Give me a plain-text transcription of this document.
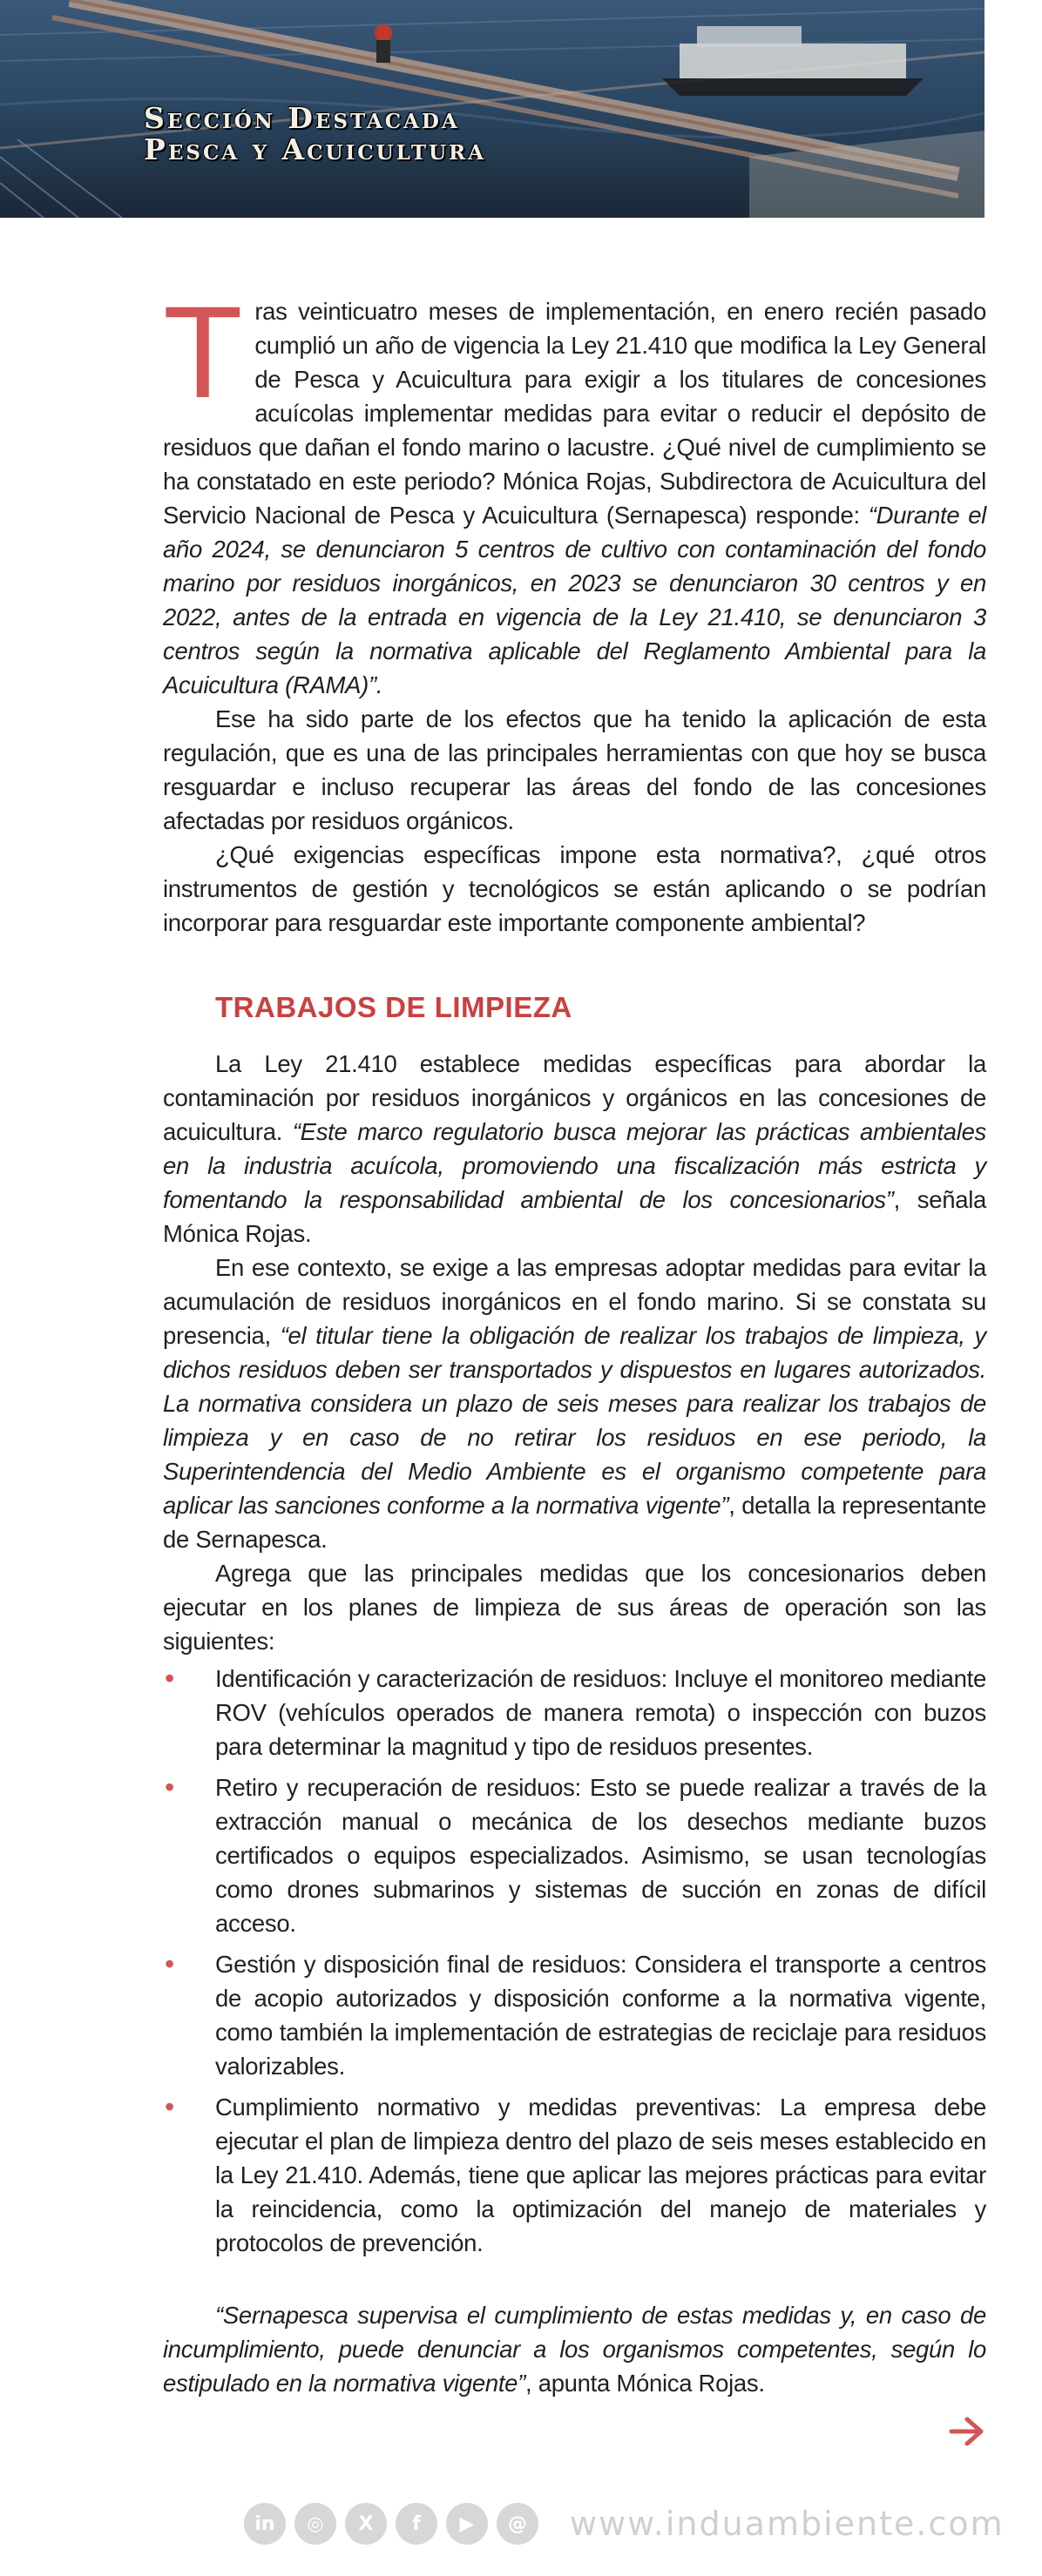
Sección Destacada
Pesca y Acuicultura

Tras veinticuatro meses de implementación, en enero recién pasado cumplió un año de vigencia la Ley 21.410 que modifica la Ley General de Pesca y Acuicultura para exigir a los titulares de concesiones acuícolas implementar medidas para evitar o reducir el depósito de residuos que dañan el fondo marino o lacustre. ¿Qué nivel de cumplimiento se ha constatado en este periodo? Mónica Rojas, Subdirectora de Acuicultura del Servicio Nacional de Pesca y Acuicultura (Sernapesca) responde: “Durante el año 2024, se denunciaron 5 centros de cultivo con contaminación del fondo marino por residuos inorgánicos, en 2023 se denunciaron 30 centros y en 2022, antes de la entrada en vigencia de la Ley 21.410, se denunciaron 3 centros según la normativa aplicable del Reglamento Ambiental para la Acuicultura (RAMA)”.

Ese ha sido parte de los efectos que ha tenido la aplicación de esta regulación, que es una de las principales herramientas con que hoy se busca resguardar e incluso recuperar las áreas del fondo de las concesiones afectadas por residuos orgánicos.

¿Qué exigencias específicas impone esta normativa?, ¿qué otros instrumentos de gestión y tecnológicos se están aplicando o se podrían incorporar para resguardar este importante componente ambiental?

TRABAJOS DE LIMPIEZA

La Ley 21.410 establece medidas específicas para abordar la contaminación por residuos inorgánicos y orgánicos en las concesiones de acuicultura. “Este marco regulatorio busca mejorar las prácticas ambientales en la industria acuícola, promoviendo una fiscalización más estricta y fomentando la responsabilidad ambiental de los concesionarios”, señala Mónica Rojas.

En ese contexto, se exige a las empresas adoptar medidas para evitar la acumulación de residuos inorgánicos en el fondo marino. Si se constata su presencia, “el titular tiene la obligación de realizar los trabajos de limpieza, y dichos residuos deben ser transportados y dispuestos en lugares autorizados. La normativa considera un plazo de seis meses para realizar los trabajos de limpieza y en caso de no retirar los residuos en ese periodo, la Superintendencia del Medio Ambiente es el organismo competente para aplicar las sanciones conforme a la normativa vigente”, detalla la representante de Sernapesca.

Agrega que las principales medidas que los concesionarios deben ejecutar en los planes de limpieza de sus áreas de operación son las siguientes:

• Identificación y caracterización de residuos: Incluye el monitoreo mediante ROV (vehículos operados de manera remota) o inspección con buzos para determinar la magnitud y tipo de residuos presentes.
• Retiro y recuperación de residuos: Esto se puede realizar a través de la extracción manual o mecánica de los desechos mediante buzos certificados o equipos especializados. Asimismo, se usan tecnologías como drones submarinos y sistemas de succión en zonas de difícil acceso.
• Gestión y disposición final de residuos: Considera el transporte a centros de acopio autorizados y disposición conforme a la normativa vigente, como también la implementación de estrategias de reciclaje para residuos valorizables.
• Cumplimiento normativo y medidas preventivas: La empresa debe ejecutar el plan de limpieza dentro del plazo de seis meses establecido en la Ley 21.410. Además, tiene que aplicar las mejores prácticas para evitar la reincidencia, como la optimización del manejo de materiales y protocolos de prevención.

“Sernapesca supervisa el cumplimiento de estas medidas y, en caso de incumplimiento, puede denunciar a los organismos competentes, según lo estipulado en la normativa vigente”, apunta Mónica Rojas.

in ◎ X f ▶ @ www.induambiente.com
